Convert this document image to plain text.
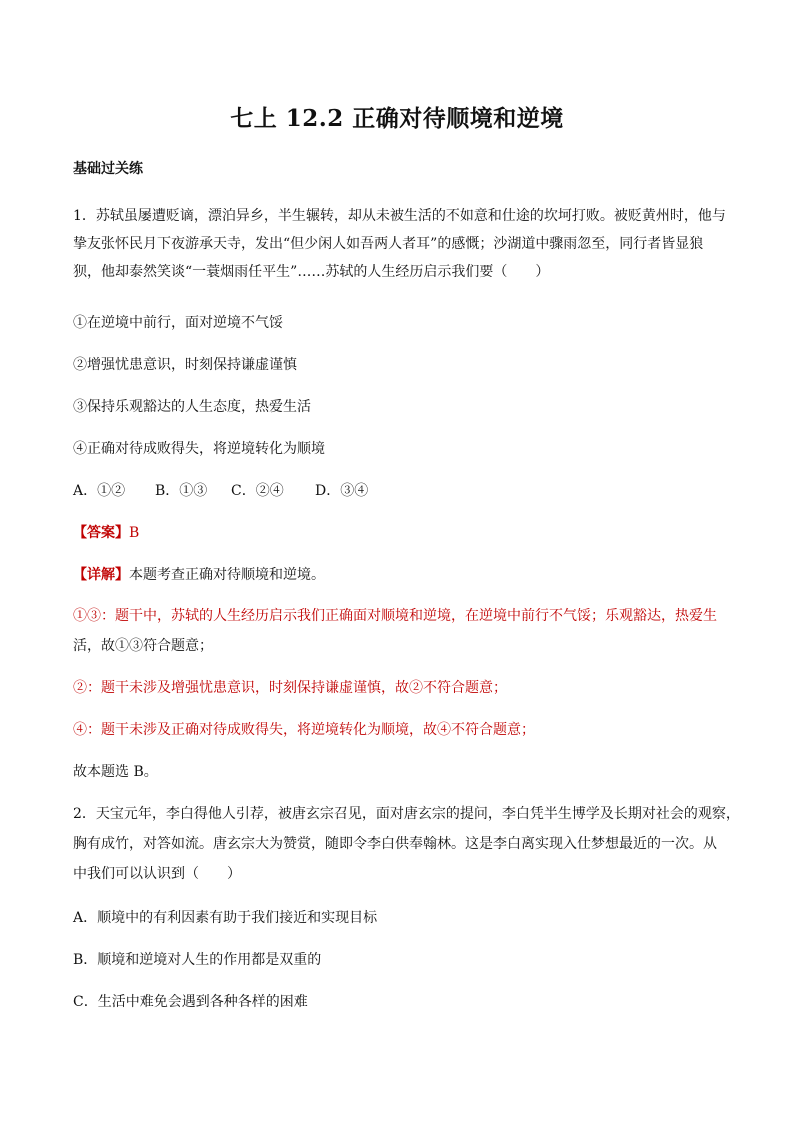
七上 12.2 正确对待顺境和逆境
基础过关练
1．苏轼虽屡遭贬谪，漂泊异乡，半生辗转，却从未被生活的不如意和仕途的坎坷打败。被贬黄州时，他与
挚友张怀民月下夜游承天寺，发出“但少闲人如吾两人者耳”的感慨；沙湖道中骤雨忽至，同行者皆显狼
狈，他却泰然笑谈“一蓑烟雨任平生”……苏轼的人生经历启示我们要（　　）
①在逆境中前行，面对逆境不气馁
②增强忧患意识，时刻保持谦虚谨慎
③保持乐观豁达的人生态度，热爱生活
④正确对待成败得失，将逆境转化为顺境
A．①② B．①③ C．②④ D．③④
【答案】B
【详解】本题考查正确对待顺境和逆境。
①③：题干中，苏轼的人生经历启示我们正确面对顺境和逆境，在逆境中前行不气馁；乐观豁达，热爱生
活，故①③符合题意；
②：题干未涉及增强忧患意识，时刻保持谦虚谨慎，故②不符合题意；
④：题干未涉及正确对待成败得失，将逆境转化为顺境，故④不符合题意；
故本题选 B。
2．天宝元年，李白得他人引荐，被唐玄宗召见，面对唐玄宗的提问，李白凭半生博学及长期对社会的观察，
胸有成竹，对答如流。唐玄宗大为赞赏，随即令李白供奉翰林。这是李白离实现入仕梦想最近的一次。从
中我们可以认识到（　　）
A．顺境中的有利因素有助于我们接近和实现目标
B．顺境和逆境对人生的作用都是双重的
C．生活中难免会遇到各种各样的困难
